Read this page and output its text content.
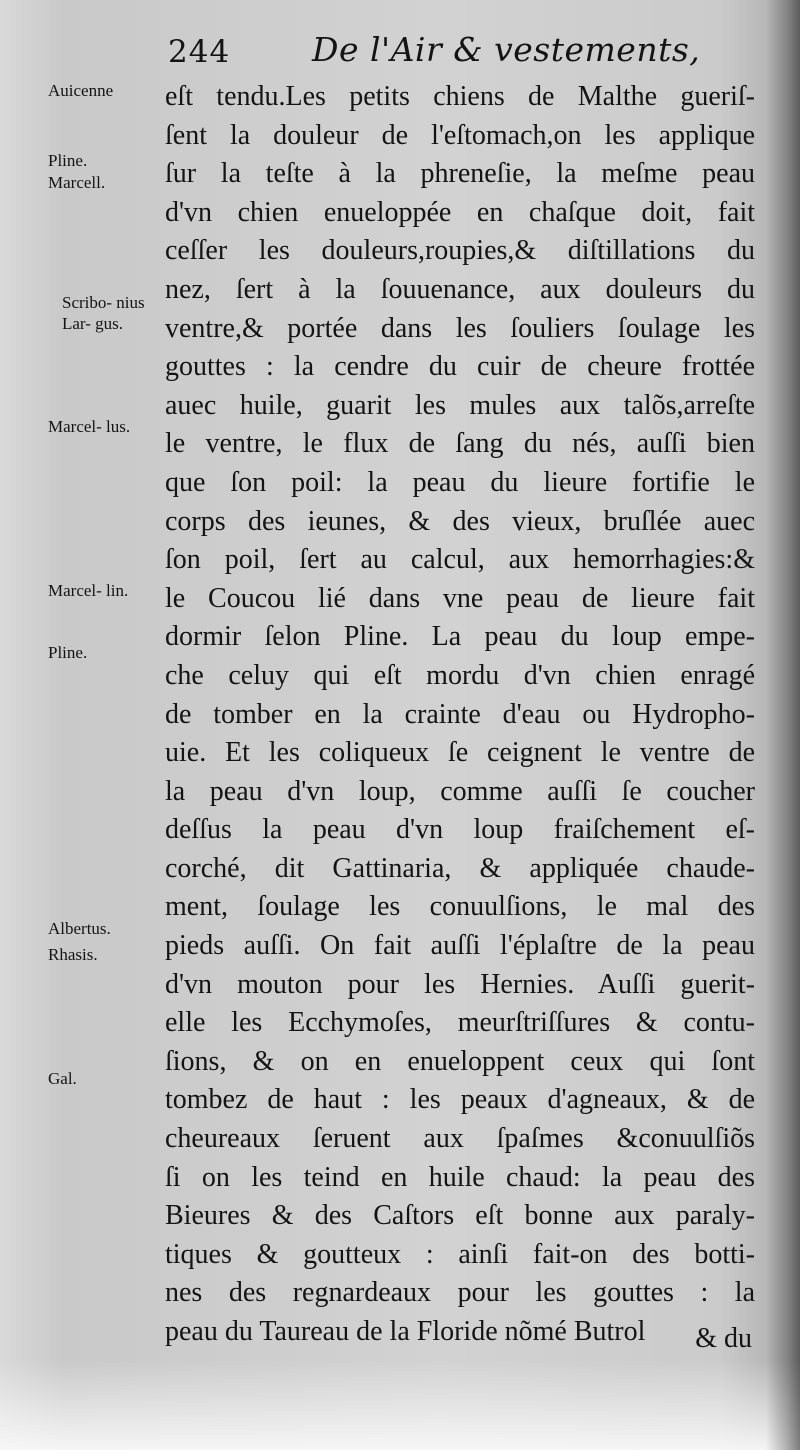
244 De l'Air & vestements,
Auicenne
Pline.
Marcell.
Scribo- nius Lar- gus.
Marcel- lus.
Marcel- lin.
Pline.
Albertus.
Rhasis.
Gal.
eſt tendu.Les petits chiens de Malthe gueriſ-
ſent la douleur de l'eſtomach,on les applique
ſur la teſte à la phreneſie, la meſme peau
d'vn chien enueloppée en chaſque doit, fait
ceſſer les douleurs,roupies,& diſtillations du
nez, ſert à la ſouuenance, aux douleurs du
ventre,& portée dans les ſouliers ſoulage les
gouttes : la cendre du cuir de cheure frottée
auec huile, guarit les mules aux talõs,arreſte
le ventre, le flux de ſang du nés, auſſi bien
que ſon poil: la peau du lieure fortifie le
corps des ieunes, & des vieux, bruſlée auec
ſon poil, ſert au calcul, aux hemorrhagies:&
le Coucou lié dans vne peau de lieure fait
dormir ſelon Pline. La peau du loup empe-
che celuy qui eſt mordu d'vn chien enragé
de tomber en la crainte d'eau ou Hydropho-
uie. Et les coliqueux ſe ceignent le ventre de
la peau d'vn loup, comme auſſi ſe coucher
deſſus la peau d'vn loup fraiſchement eſ-
corché, dit Gattinaria, & appliquée chaude-
ment, ſoulage les conuulſions, le mal des
pieds auſſi. On fait auſſi l'éplaſtre de la peau
d'vn mouton pour les Hernies. Auſſi guerit-
elle les Ecchymoſes, meurſtriſſures & contu-
ſions, & on en enueloppent ceux qui ſont
tombez de haut : les peaux d'agneaux, & de
cheureaux ſeruent aux ſpaſmes &conuulſiõs
ſi on les teind en huile chaud: la peau des
Bieures & des Caſtors eſt bonne aux paraly-
tiques & goutteux : ainſi fait-on des botti-
nes des regnardeaux pour les gouttes : la
peau du Taureau de la Floride nõmé Butrol	& du
